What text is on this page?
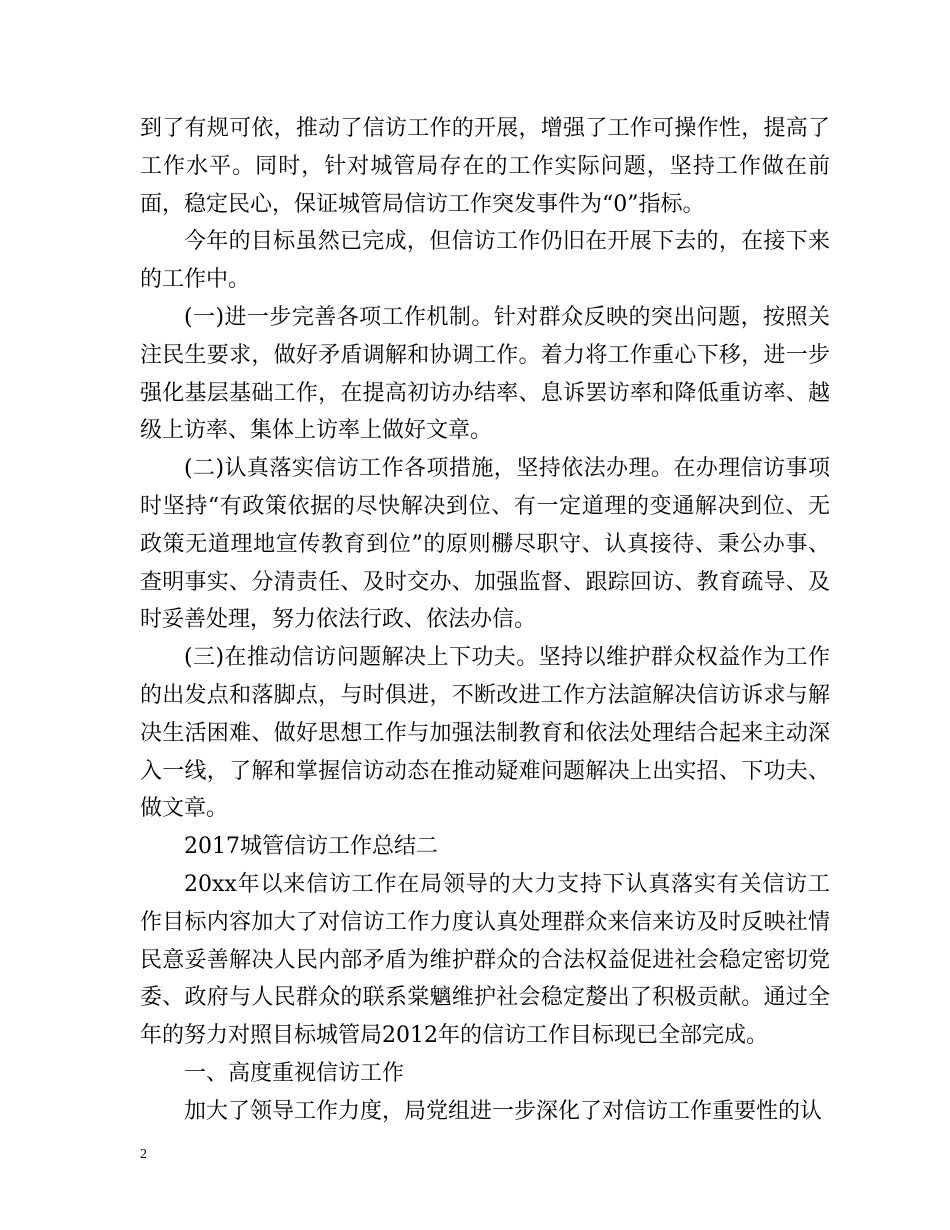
到了有规可依，推动了信访工作的开展，增强了工作可操作性，提高了工作水平。同时，针对城管局存在的工作实际问题，坚持工作做在前面，稳定民心，保证城管局信访工作突发事件为“0”指标。

今年的目标虽然已完成，但信访工作仍旧在开展下去的，在接下来的工作中。

(一)进一步完善各项工作机制。针对群众反映的突出问题，按照关注民生要求，做好矛盾调解和协调工作。着力将工作重心下移，进一步强化基层基础工作，在提高初访办结率、息诉罢访率和降低重访率、越级上访率、集体上访率上做好文章。

(二)认真落实信访工作各项措施，坚持依法办理。在办理信访事项时坚持“有政策依据的尽快解决到位、有一定道理的变通解决到位、无政策无道理地宣传教育到位”的原则橳尽职守、认真接待、秉公办事、查明事实、分清责任、及时交办、加强监督、跟踪回访、教育疏导、及时妥善处理，努力依法行政、依法办信。

(三)在推动信访问题解决上下功夫。坚持以维护群众权益作为工作的出发点和落脚点，与时俱进，不断改进工作方法諠解决信访诉求与解决生活困难、做好思想工作与加强法制教育和依法处理结合起来主动深入一线，了解和掌握信访动态在推动疑难问题解决上出实招、下功夫、做文章。

2017城管信访工作总结二

20xx年以来信访工作在局领导的大力支持下认真落实有关信访工作目标内容加大了对信访工作力度认真处理群众来信来访及时反映社情民意妥善解决人民内部矛盾为维护群众的合法权益促进社会稳定密切党委、政府与人民群众的联系棠魑维护社会稳定嫠出了积极贡献。通过全年的努力对照目标城管局2012年的信访工作目标现已全部完成。

一、高度重视信访工作

加大了领导工作力度，局党组进一步深化了对信访工作重要性的认

2
